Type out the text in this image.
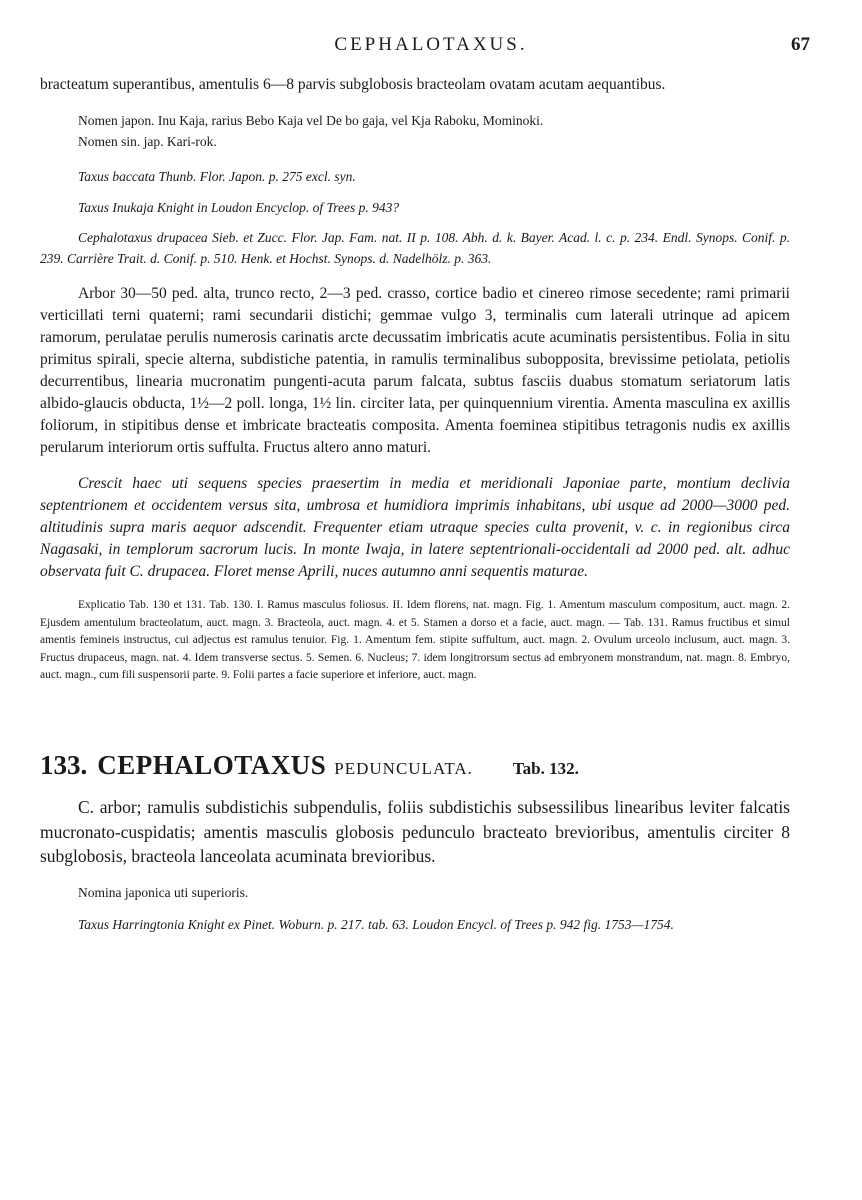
CEPHALOTAXUS.	67

bracteatum superantibus, amentulis 6—8 parvis subglobosis bracteolam ovatam acutam aequantibus.

Nomen japon. Inu Kaja, rarius Bebo Kaja vel De bo gaja, vel Kja Raboku, Mominoki.

Nomen sin. jap. Kari-rok.

Taxus baccata Thunb. Flor. Japon. p. 275 excl. syn.

Taxus Inukaja Knight in Loudon Encyclop. of Trees p. 943?

Cephalotaxus drupacea Sieb. et Zucc. Flor. Jap. Fam. nat. II p. 108. Abh. d. k. Bayer. Acad. l. c. p. 234. Endl. Synops. Conif. p. 239. Carrière Trait. d. Conif. p. 510. Henk. et Hochst. Synops. d. Nadelhölz. p. 363.

Arbor 30—50 ped. alta, trunco recto, 2—3 ped. crasso, cortice badio et cinereo rimose secedente; rami primarii verticillati terni quaterni; rami secundarii distichi; gemmae vulgo 3, terminalis cum laterali utrinque ad apicem ramorum, perulatae perulis numerosis carinatis arcte decussatim imbricatis acute acuminatis persistentibus. Folia in situ primitus spirali, specie alterna, subdistiche patentia, in ramulis terminalibus subopposita, brevissime petiolata, petiolis decurrentibus, linearia mucronatim pungenti-acuta parum falcata, subtus fasciis duabus stomatum seriatorum latis albido-glaucis obducta, 1½—2 poll. longa, 1½ lin. circiter lata, per quinquennium virentia. Amenta masculina ex axillis foliorum, in stipitibus dense et imbricate bracteatis composita. Amenta foeminea stipitibus tetragonis nudis ex axillis perularum interiorum ortis suffulta. Fructus altero anno maturi.

Crescit haec uti sequens species praesertim in media et meridionali Japoniae parte, montium declivia septentrionem et occidentem versus sita, umbrosa et humidiora imprimis inhabitans, ubi usque ad 2000—3000 ped. altitudinis supra maris aequor adscendit. Frequenter etiam utraque species culta provenit, v. c. in regionibus circa Nagasaki, in templorum sacrorum lucis. In monte Iwaja, in latere septentrionali-occidentali ad 2000 ped. alt. adhuc observata fuit C. drupacea. Floret mense Aprili, nuces autumno anni sequentis maturae.

Explicatio Tab. 130 et 131. Tab. 130. I. Ramus masculus foliosus. II. Idem florens, nat. magn. Fig. 1. Amentum masculum compositum, auct. magn. 2. Ejusdem amentulum bracteolatum, auct. magn. 3. Bracteola, auct. magn. 4. et 5. Stamen a dorso et a facie, auct. magn. — Tab. 131. Ramus fructibus et simul amentis femineis instructus, cui adjectus est ramulus tenuior. Fig. 1. Amentum fem. stipite suffultum, auct. magn. 2. Ovulum urceolo inclusum, auct. magn. 3. Fructus drupaceus, magn. nat. 4. Idem transverse sectus. 5. Semen. 6. Nucleus; 7. idem longitrorsum sectus ad embryonem monstrandum, nat. magn. 8. Embryo, auct. magn., cum fili suspensorii parte. 9. Folii partes a facie superiore et inferiore, auct. magn.

133. CEPHALOTAXUS PEDUNCULATA. Tab. 132.

C. arbor; ramulis subdistichis subpendulis, foliis subdistichis subsessilibus linearibus leviter falcatis mucronato-cuspidatis; amentis masculis globosis pedunculo bracteato brevioribus, amentulis circiter 8 subglobosis, bracteola lanceolata acuminata brevioribus.

Nomina japonica uti superioris.

Taxus Harringtonia Knight ex Pinet. Woburn. p. 217. tab. 63. Loudon Encycl. of Trees p. 942 fig. 1753—1754.
